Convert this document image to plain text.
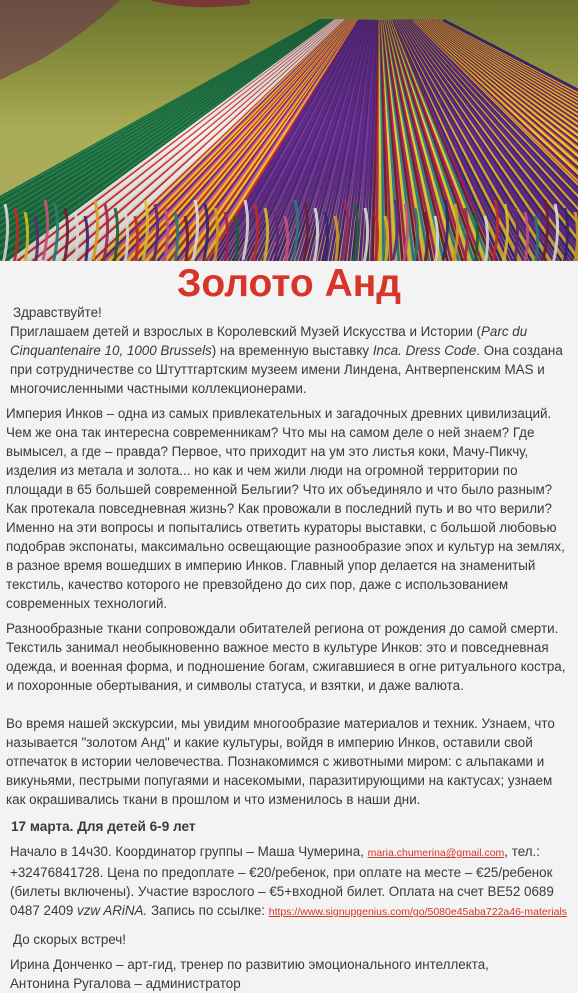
Золото Анд

Здравствуйте!

Приглашаем детей и взрослых в Королевский Музей Искусства и Истории (Parc du Cinquantenaire 10, 1000 Brussels) на временную выставку Inca. Dress Code. Она создана при сотрудничестве со Штуттгартским музеем имени Линдена, Антверпенским MAS и многочисленными частными коллекционерами.

Империя Инков – одна из самых привлекательных и загадочных древних цивилизаций. Чем же она так интересна современникам? Что мы на самом деле о ней знаем? Где вымысел, а где – правда? Первое, что приходит на ум это листья коки, Мачу-Пикчу, изделия из метала и золота... но как и чем жили люди на огромной территории по площади в 65 большей современной Бельгии? Что их объединяло и что было разным? Как протекала повседневная жизнь? Как провожали в последний путь и во что верили? Именно на эти вопросы и попытались ответить кураторы выставки, с большой любовью подобрав экспонаты, максимально освещающие разнообразие эпох и культур на землях, в разное время вошедших в империю Инков. Главный упор делается на знаменитый текстиль, качество которого не превзойдено до сих пор, даже с использованием современных технологий.

Разнообразные ткани сопровождали обитателей региона от рождения до самой смерти. Текстиль занимал необыкновенно важное место в культуре Инков: это и повседневная одежда, и военная форма, и подношение богам, сжигавшиеся в огне ритуального костра, и похоронные обертывания, и символы статуса, и взятки, и даже валюта.

Во время нашей экскурсии, мы увидим многообразие материалов и техник. Узнаем, что называется "золотом Анд" и какие культуры, войдя в империю Инков, оставили свой отпечаток в истории человечества. Познакомимся с животными миром: с альпаками и викуньями, пестрыми попугаями и насекомыми, паразитирующими на кактусах; узнаем как окрашивались ткани в прошлом и что изменилось в наши дни.

17 марта. Для детей 6-9 лет

Начало в 14ч30. Координатор группы – Маша Чумерина, maria.chumerina@gmail.com, тел.: +32476841728. Цена по предоплате – €20/ребенок, при оплате на месте – €25/ребенок (билеты включены). Участие взрослого – €5+входной билет. Оплата на счет BE52 0689 0487 2409 vzw ARiNA. Запись по ссылке: https://www.signupgenius.com/go/5080e45aba722a46-materials

До скорых встреч!

Ирина Донченко – арт-гид, тренер по развитию эмоционального интеллекта,

Антонина Ругалова – администратор
